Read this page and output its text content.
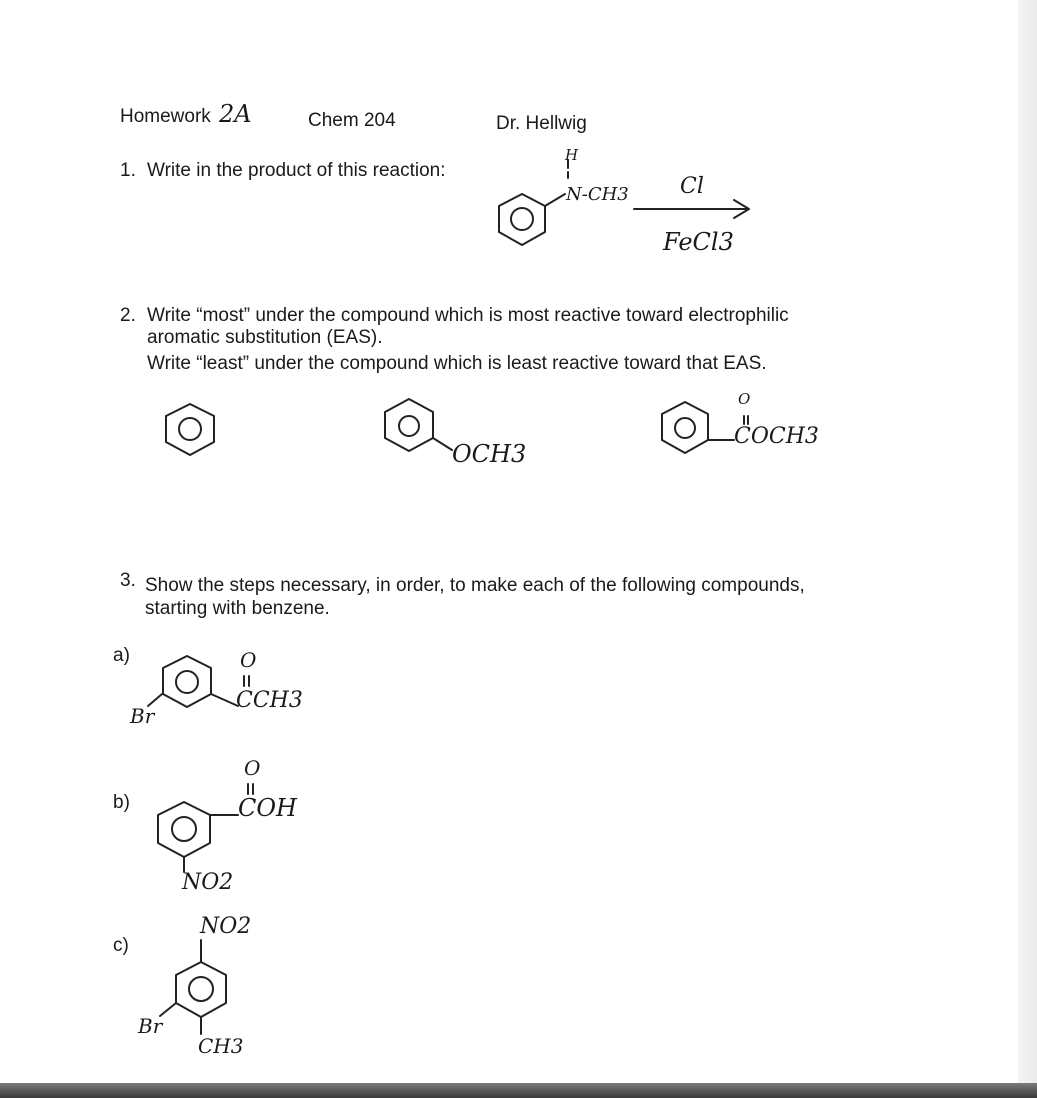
Homework 2A	Chem 204	Dr. Hellwig
1. Write in the product of this reaction:
H
N-CH3 Cl
FeCl3
2. Write “most” under the compound which is most reactive toward electrophilic
aromatic substitution (EAS).
Write “least” under the compound which is least reactive toward that EAS.
OCH3
O
COCH3
3. Show the steps necessary, in order, to make each of the following compounds,
starting with benzene.
a)	O
CCH3
Br
b)
O
COH
NO2
c)
NO2
Br
CH3
